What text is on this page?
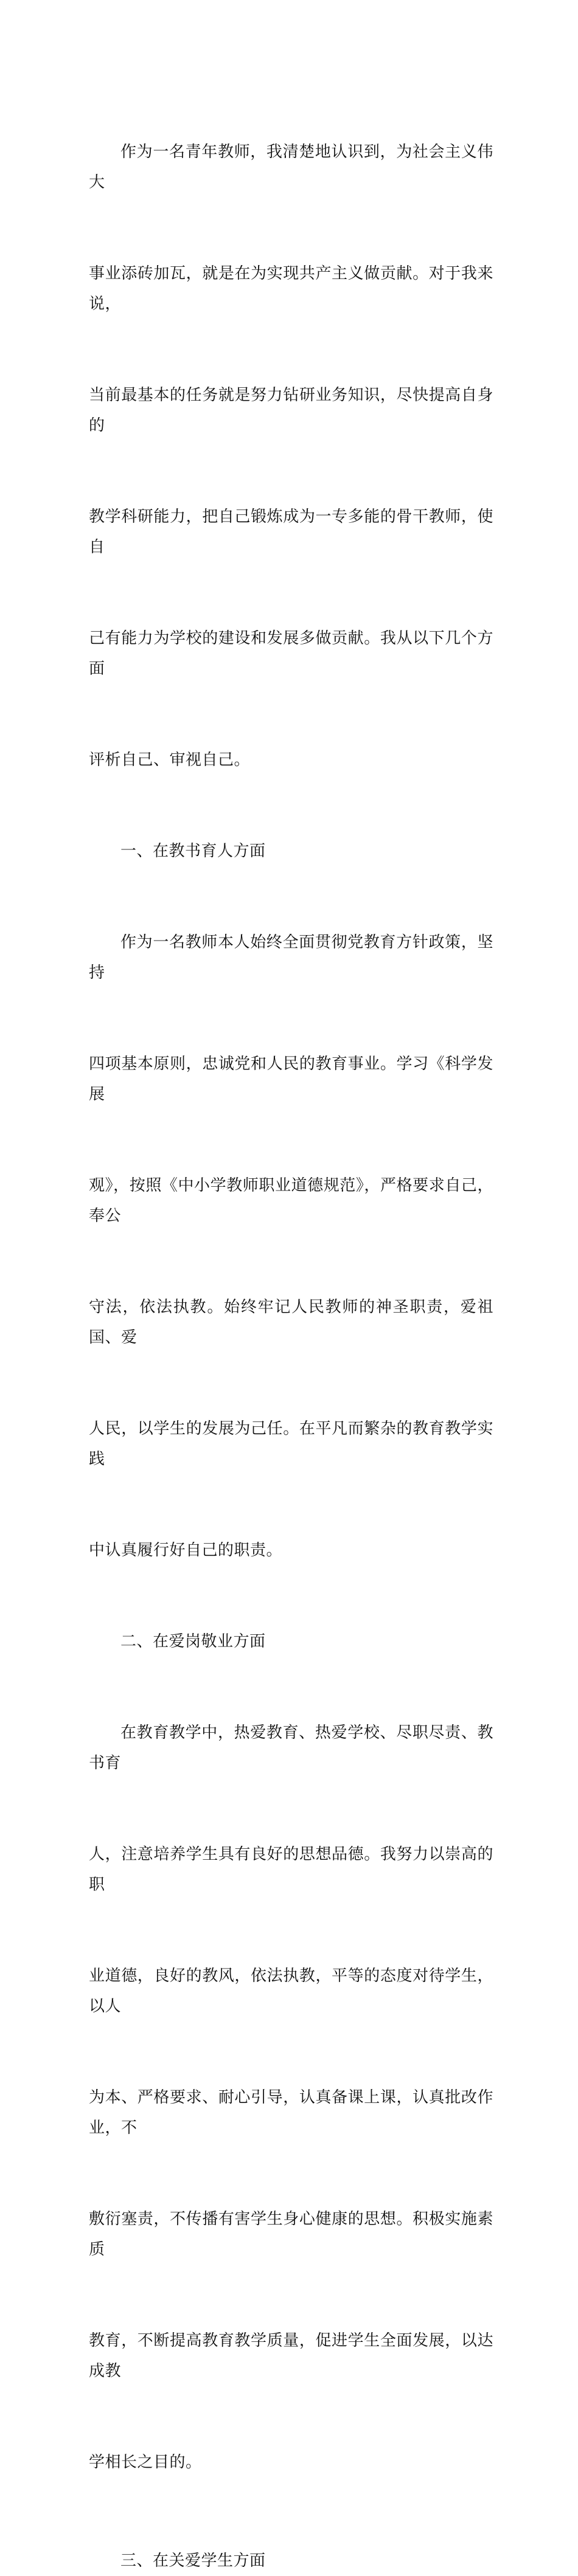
作为一名青年教师，我清楚地认识到，为社会主义伟大

事业添砖加瓦，就是在为实现共产主义做贡献。对于我来说，

当前最基本的任务就是努力钻研业务知识，尽快提高自身的

教学科研能力，把自己锻炼成为一专多能的骨干教师，使自

己有能力为学校的建设和发展多做贡献。我从以下几个方面

评析自己、审视自己。

一、在教书育人方面

作为一名教师本人始终全面贯彻党教育方针政策，坚持

四项基本原则，忠诚党和人民的教育事业。学习《科学发展

观》，按照《中小学教师职业道德规范》，严格要求自己，奉公

守法，依法执教。始终牢记人民教师的神圣职责，爱祖国、爱

人民，以学生的发展为己任。在平凡而繁杂的教育教学实践

中认真履行好自己的职责。

二、在爱岗敬业方面

在教育教学中，热爱教育、热爱学校、尽职尽责、教书育

人，注意培养学生具有良好的思想品德。我努力以崇高的职

业道德，良好的教风，依法执教，平等的态度对待学生，以人

为本、严格要求、耐心引导，认真备课上课，认真批改作业，不

敷衍塞责，不传播有害学生身心健康的思想。积极实施素质

教育，不断提高教育教学质量，促进学生全面发展，以达成教

学相长之目的。

三、在关爱学生方面
